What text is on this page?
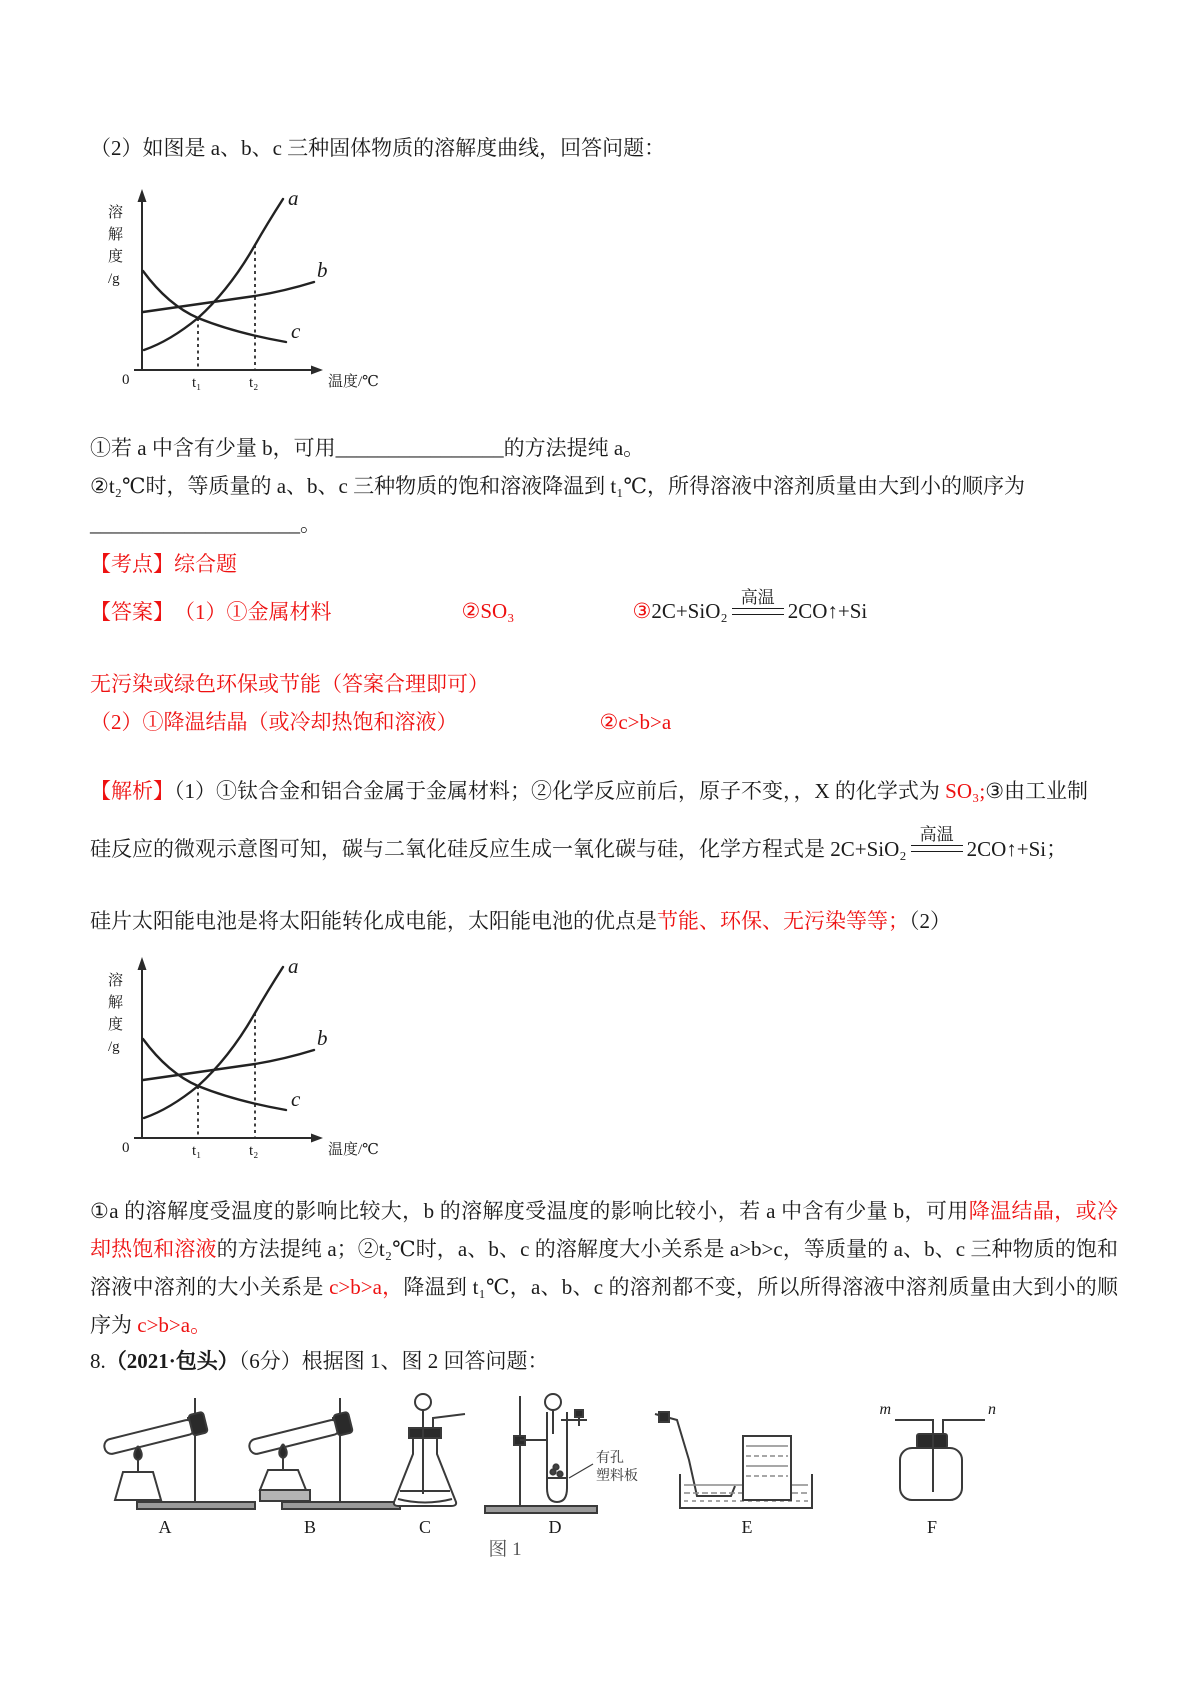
（2）如图是 a、b、c 三种固体物质的溶解度曲线，回答问题：
a
b
c
溶
解
度
/g
0	t₁	t₂	温度/℃
①若 a 中含有少量 b，可用________________的方法提纯 a。
②t₂℃时，等质量的 a、b、c 三种物质的饱和溶液降温到 t₁℃，所得溶液中溶剂质量由大到小的顺序为
____________________。
【考点】综合题
【答案】 （1）①金属材料	②SO₃	③ 2C+SiO₂
高温
2CO↑+Si
无污染或绿色环保或节能（答案合理即可）
（2）①降温结晶（或冷却热饱和溶液）	②c>b>a
【解析】（1）①钛合金和铝合金属于金属材料；②化学反应前后，原子不变，，X 的化学式为 SO₃;③由工业制
硅反应的微观示意图可知，碳与二氧化硅反应生成一氧化碳与硅，化学方程式是 2C+SiO₂
高温
2CO↑+Si；
硅片太阳能电池是将太阳能转化成电能，太阳能电池的优点是节能、环保、无污染等等；（2）
a
b
c
溶
解
度
/g
0	t₁	t₂	温度/℃
①a 的溶解度受温度的影响比较大，b 的溶解度受温度的影响比较小，若 a 中含有少量 b，可用降温结晶，或冷却热饱和溶液的方法提纯 a；②t₂℃时，a、b、c 的溶解度大小关系是 a>b>c，等质量的 a、b、c 三种物质的饱和溶液中溶剂的大小关系是 c>b>a，降温到 t₁℃，a、b、c 的溶剂都不变，所以所得溶液中溶剂质量由大到小的顺序为 c>b>a。
8.（2021·包头）（6分）根据图 1、图 2 回答问题：
A	B	C	D	E	F
有孔
塑料板
m	n
图 1
